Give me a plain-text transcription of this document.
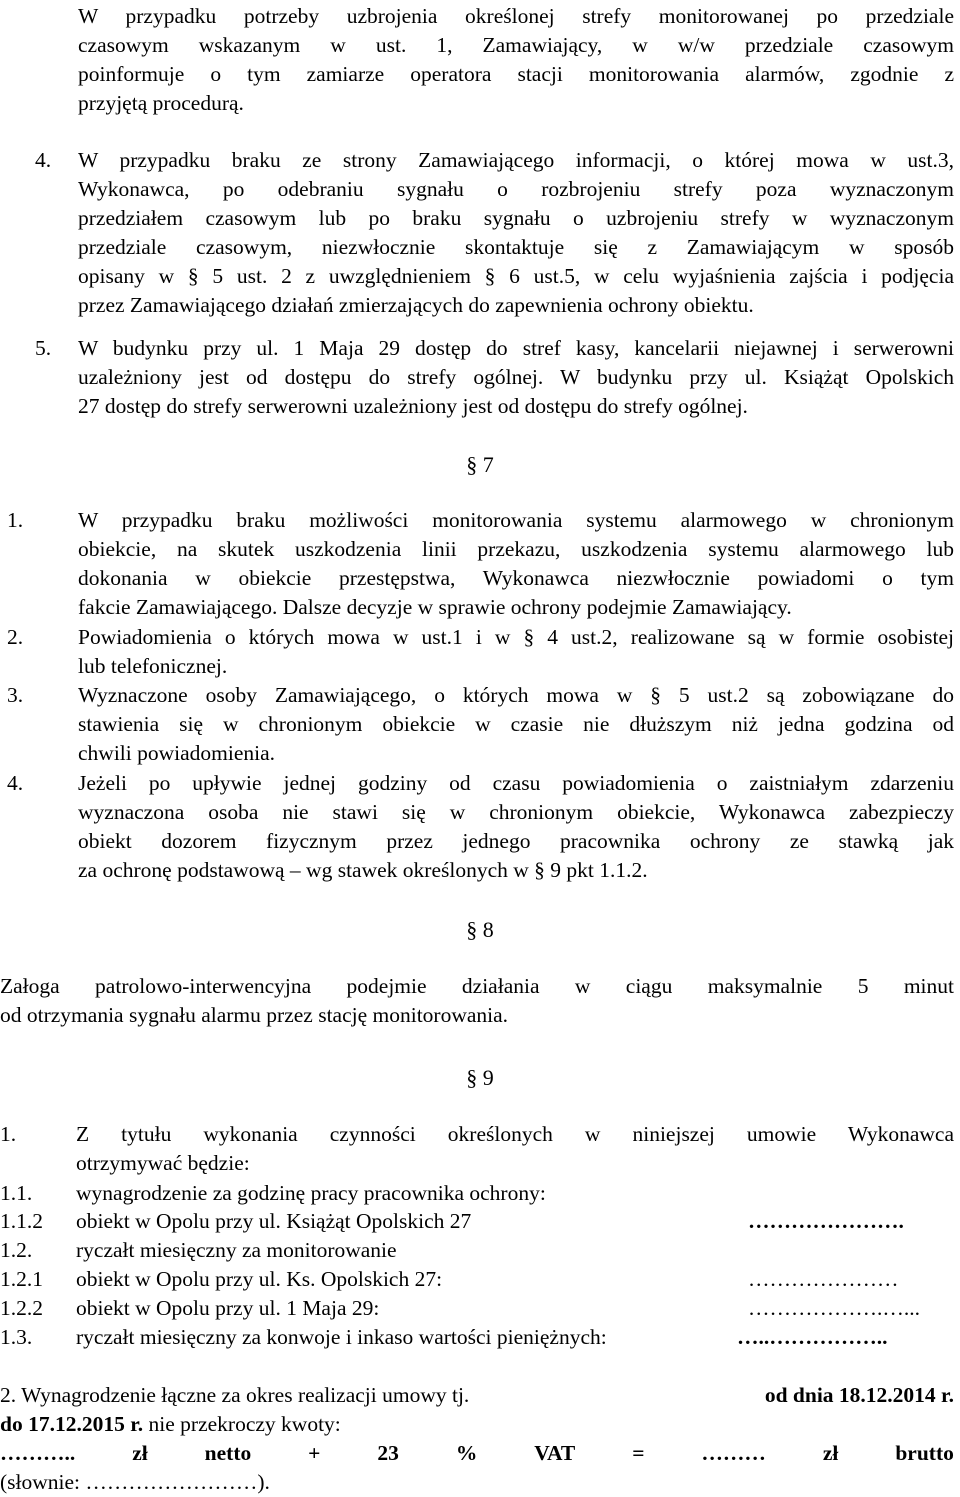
W przypadku potrzeby uzbrojenia określonej strefy monitorowanej po przedziale
czasowym wskazanym w ust. 1, Zamawiający, w w/w przedziale czasowym
poinformuje o tym zamiarze operatora stacji monitorowania alarmów, zgodnie z
przyjętą procedurą.
4. W przypadku braku ze strony Zamawiającego informacji, o której mowa w ust.3,
Wykonawca, po odebraniu sygnału o rozbrojeniu strefy poza wyznaczonym
przedziałem czasowym lub po braku sygnału o uzbrojeniu strefy w wyznaczonym
przedziale czasowym, niezwłocznie skontaktuje się z Zamawiającym w sposób
opisany w § 5 ust. 2 z uwzględnieniem § 6 ust.5, w celu wyjaśnienia zajścia i podjęcia
przez Zamawiającego działań zmierzających do zapewnienia ochrony obiektu.
5. W budynku przy ul. 1 Maja 29 dostęp do stref kasy, kancelarii niejawnej i serwerowni
uzależniony jest od dostępu do strefy ogólnej. W budynku przy ul. Książąt Opolskich
27 dostęp do strefy serwerowni uzależniony jest od dostępu do strefy ogólnej.
§ 7
1.	W przypadku braku możliwości monitorowania systemu alarmowego w chronionym
obiekcie, na skutek uszkodzenia linii przekazu, uszkodzenia systemu alarmowego lub
dokonania w obiekcie przestępstwa, Wykonawca niezwłocznie powiadomi o tym
fakcie Zamawiającego. Dalsze decyzje w sprawie ochrony podejmie Zamawiający.
2.	Powiadomienia o których mowa w ust.1 i w § 4 ust.2, realizowane są w formie osobistej
lub telefonicznej.
3.	Wyznaczone osoby Zamawiającego, o których mowa w § 5 ust.2 są zobowiązane do
stawienia się w chronionym obiekcie w czasie nie dłuższym niż jedna godzina od
chwili powiadomienia.
4.	Jeżeli po upływie jednej godziny od czasu powiadomienia o zaistniałym zdarzeniu
wyznaczona osoba nie stawi się w chronionym obiekcie, Wykonawca zabezpieczy
obiekt dozorem fizycznym przez jednego pracownika ochrony ze stawką jak
za ochronę podstawową – wg stawek określonych w § 9 pkt 1.1.2.
§ 8
Załoga patrolowo-interwencyjna podejmie działania w ciągu maksymalnie 5 minut
od otrzymania sygnału alarmu przez stację monitorowania.
§ 9
1.	Z tytułu wykonania czynności określonych w niniejszej umowie Wykonawca
otrzymywać będzie:
1.1. wynagrodzenie za godzinę pracy pracownika ochrony:
1.1.2 obiekt w Opolu przy ul. Książąt Opolskich 27	………………….
1.2. ryczałt miesięczny za monitorowanie
1.2.1 obiekt w Opolu przy ul. Ks. Opolskich 27:	…………………
1.2.2 obiekt w Opolu przy ul. 1 Maja 29:	……………….…...
1.3. ryczałt miesięczny za konwoje i inkaso wartości pieniężnych:	…..……………..
2. Wynagrodzenie łączne za okres realizacji umowy tj.	od dnia 18.12.2014 r.
do 17.12.2015 r. nie przekroczy kwoty:
………..	zł	netto	+	23	%	VAT	=	………	zł	brutto
(słownie: ……………………).
